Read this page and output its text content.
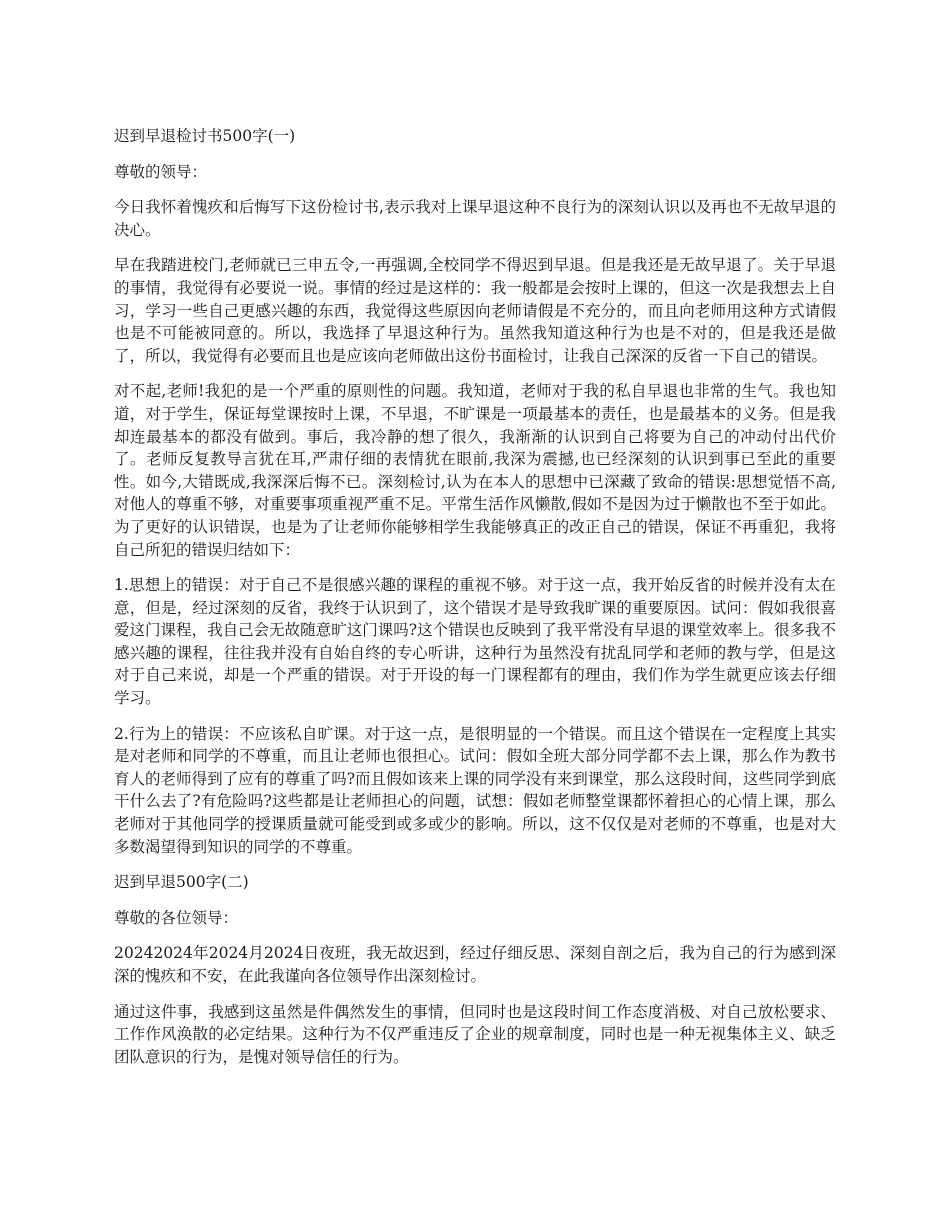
迟到早退检讨书500字(一)

尊敬的领导：

今日我怀着愧疚和后悔写下这份检讨书,表示我对上课早退这种不良行为的深刻认识以及再也不无故早退的决心。

早在我踏进校门,老师就已三申五令,一再强调,全校同学不得迟到早退。但是我还是无故早退了。关于早退的事情，我觉得有必要说一说。事情的经过是这样的：我一般都是会按时上课的，但这一次是我想去上自习，学习一些自己更感兴趣的东西，我觉得这些原因向老师请假是不充分的，而且向老师用这种方式请假也是不可能被同意的。所以，我选择了早退这种行为。虽然我知道这种行为也是不对的，但是我还是做了，所以，我觉得有必要而且也是应该向老师做出这份书面检讨，让我自己深深的反省一下自己的错误。

对不起,老师!我犯的是一个严重的原则性的问题。我知道，老师对于我的私自早退也非常的生气。我也知道，对于学生，保证每堂课按时上课，不早退，不旷课是一项最基本的责任，也是最基本的义务。但是我却连最基本的都没有做到。事后，我冷静的想了很久，我渐渐的认识到自己将要为自己的冲动付出代价了。老师反复教导言犹在耳,严肃仔细的表情犹在眼前,我深为震撼,也已经深刻的认识到事已至此的重要性。如今,大错既成,我深深后悔不已。深刻检讨,认为在本人的思想中已深藏了致命的错误:思想觉悟不高,对他人的尊重不够，对重要事项重视严重不足。平常生活作风懒散,假如不是因为过于懒散也不至于如此。为了更好的认识错误，也是为了让老师你能够相学生我能够真正的改正自己的错误，保证不再重犯，我将自己所犯的错误归结如下：

1.思想上的错误：对于自己不是很感兴趣的课程的重视不够。对于这一点，我开始反省的时候并没有太在意，但是，经过深刻的反省，我终于认识到了，这个错误才是导致我旷课的重要原因。试问：假如我很喜爱这门课程，我自己会无故随意旷这门课吗?这个错误也反映到了我平常没有早退的课堂效率上。很多我不感兴趣的课程，往往我并没有自始自终的专心听讲，这种行为虽然没有扰乱同学和老师的教与学，但是这对于自己来说，却是一个严重的错误。对于开设的每一门课程都有的理由，我们作为学生就更应该去仔细学习。

2.行为上的错误：不应该私自旷课。对于这一点，是很明显的一个错误。而且这个错误在一定程度上其实是对老师和同学的不尊重，而且让老师也很担心。试问：假如全班大部分同学都不去上课，那么作为教书育人的老师得到了应有的尊重了吗?而且假如该来上课的同学没有来到课堂，那么这段时间，这些同学到底干什么去了?有危险吗?这些都是让老师担心的问题，试想：假如老师整堂课都怀着担心的心情上课，那么老师对于其他同学的授课质量就可能受到或多或少的影响。所以，这不仅仅是对老师的不尊重，也是对大多数渴望得到知识的同学的不尊重。

迟到早退500字(二)

尊敬的各位领导：

20242024年2024月2024日夜班，我无故迟到，经过仔细反思、深刻自剖之后，我为自己的行为感到深深的愧疚和不安，在此我谨向各位领导作出深刻检讨。

通过这件事，我感到这虽然是件偶然发生的事情，但同时也是这段时间工作态度消极、对自己放松要求、工作作风涣散的必定结果。这种行为不仅严重违反了企业的规章制度，同时也是一种无视集体主义、缺乏团队意识的行为，是愧对领导信任的行为。
